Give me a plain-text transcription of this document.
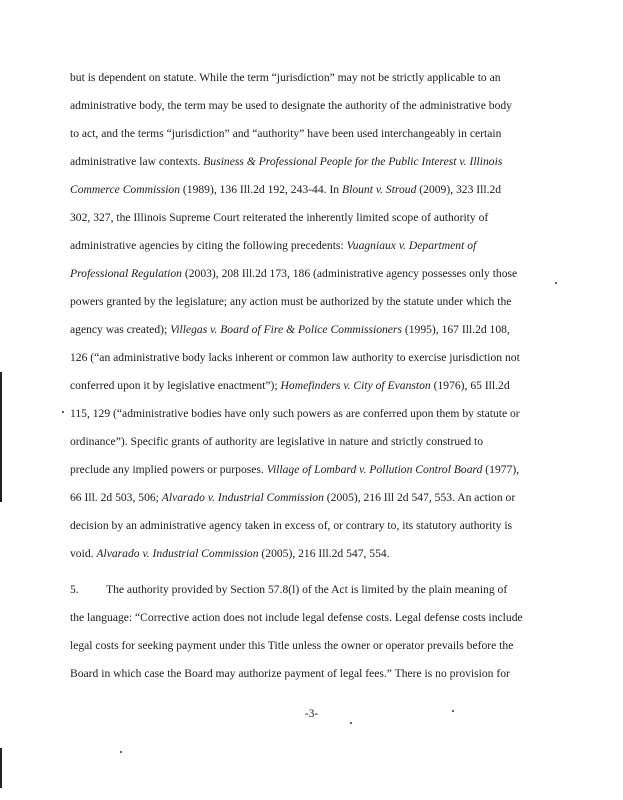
but is dependent on statute. While the term “jurisdiction” may not be strictly applicable to an
administrative body, the term may be used to designate the authority of the administrative body
to act, and the terms “jurisdiction” and “authority” have been used interchangeably in certain
administrative law contexts. Business & Professional People for the Public Interest v. Illinois
Commerce Commission (1989), 136 Ill.2d 192, 243-44. In Blount v. Stroud (2009), 323 Ill.2d
302, 327, the Illinois Supreme Court reiterated the inherently limited scope of authority of
administrative agencies by citing the following precedents: Vuagniaux v. Department of
Professional Regulation (2003), 208 Ill.2d 173, 186 (administrative agency possesses only those
powers granted by the legislature; any action must be authorized by the statute under which the
agency was created); Villegas v. Board of Fire & Police Commissioners (1995), 167 Ill.2d 108,
126 (“an administrative body lacks inherent or common law authority to exercise jurisdiction not
conferred upon it by legislative enactment”); Homefinders v. City of Evanston (1976), 65 Ill.2d
115, 129 (“administrative bodies have only such powers as are conferred upon them by statute or
ordinance”). Specific grants of authority are legislative in nature and strictly construed to
preclude any implied powers or purposes. Village of Lombard v. Pollution Control Board (1977),
66 Ill. 2d 503, 506; Alvarado v. Industrial Commission (2005), 216 Ill 2d 547, 553. An action or
decision by an administrative agency taken in excess of, or contrary to, its statutory authority is
void. Alvarado v. Industrial Commission (2005), 216 Ill.2d 547, 554.
5. The authority provided by Section 57.8(l) of the Act is limited by the plain meaning of
the language: “Corrective action does not include legal defense costs. Legal defense costs include
legal costs for seeking payment under this Title unless the owner or operator prevails before the
Board in which case the Board may authorize payment of legal fees.” There is no provision for
-3-
